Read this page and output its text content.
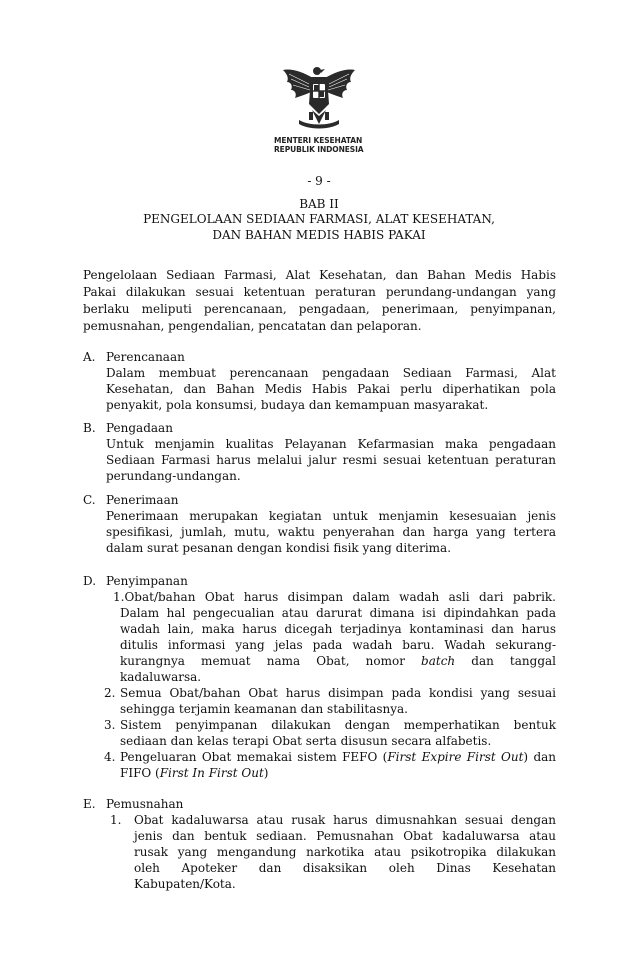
MENTERI KESEHATAN
REPUBLIK INDONESIA
- 9 -
BAB II
PENGELOLAAN SEDIAAN FARMASI, ALAT KESEHATAN,
DAN BAHAN MEDIS HABIS PAKAI
Pengelolaan Sediaan Farmasi, Alat Kesehatan, dan Bahan Medis Habis
Pakai dilakukan sesuai ketentuan peraturan perundang-undangan yang
berlaku meliputi perencanaan, pengadaan, penerimaan, penyimpanan,
pemusnahan, pengendalian, pencatatan dan pelaporan.
A. Perencanaan
Dalam membuat perencanaan pengadaan Sediaan Farmasi, Alat
Kesehatan, dan Bahan Medis Habis Pakai perlu diperhatikan pola
penyakit, pola konsumsi, budaya dan kemampuan masyarakat.
B. Pengadaan
Untuk menjamin kualitas Pelayanan Kefarmasian maka pengadaan
Sediaan Farmasi harus melalui jalur resmi sesuai ketentuan peraturan
perundang-undangan.
C. Penerimaan
Penerimaan merupakan kegiatan untuk menjamin kesesuaian jenis
spesifikasi, jumlah, mutu, waktu penyerahan dan harga yang tertera
dalam surat pesanan dengan kondisi fisik yang diterima.
D. Penyimpanan
1.Obat/bahan Obat harus disimpan dalam wadah asli dari pabrik.
Dalam hal pengecualian atau darurat dimana isi dipindahkan pada
wadah lain, maka harus dicegah terjadinya kontaminasi dan harus
ditulis informasi yang jelas pada wadah baru. Wadah sekurang-
kurangnya memuat nama Obat, nomor batch dan tanggal
kadaluwarsa.
2. Semua Obat/bahan Obat harus disimpan pada kondisi yang sesuai
sehingga terjamin keamanan dan stabilitasnya.
3. Sistem penyimpanan dilakukan dengan memperhatikan bentuk
sediaan dan kelas terapi Obat serta disusun secara alfabetis.
4. Pengeluaran Obat memakai sistem FEFO (First Expire First Out) dan
FIFO (First In First Out)
E. Pemusnahan
1. Obat kadaluwarsa atau rusak harus dimusnahkan sesuai dengan
jenis dan bentuk sediaan. Pemusnahan Obat kadaluwarsa atau
rusak yang mengandung narkotika atau psikotropika dilakukan
oleh Apoteker dan disaksikan oleh Dinas Kesehatan
Kabupaten/Kota.
